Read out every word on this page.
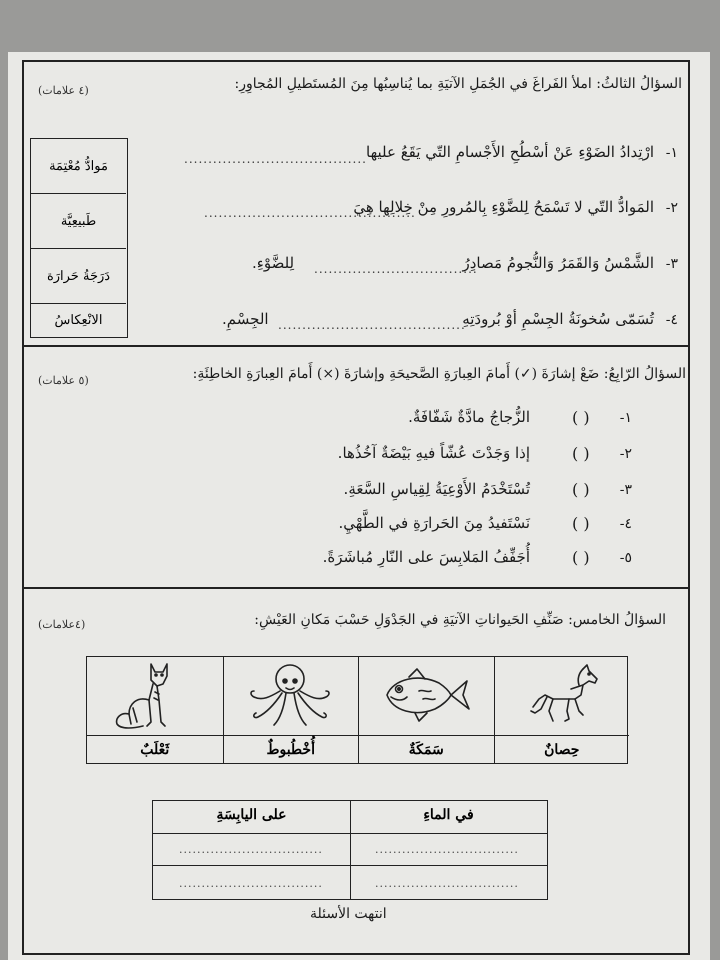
السؤالُ الثالثُ: املأ الفَراغَ في الجُمَلِ الآتيَةِ بما يُناسِبُها مِنَ المُستَطيلِ المُجاوِرِ:
(٤ علامات)
١-
ارْتِدادُ الضَوْءِ عَنْ أسْطُحِ الأَجْسامِ التّي يَقَعُ عليها
......................................
٢-
المَوادُّ التّي لا تَسْمَحُ لِلضَّوْءِ بِالمُرورِ مِنْ خِلالِها هِيَ
............................................
٣-
الشَّمْسُ وَالقَمَرُ وَالنُّجومُ مَصادِرُ
..................................
لِلضَّوْءِ.
٤-
تُسَمّى سُخونَةُ الجِسْمِ أوْ بُرودَتِهِ
.......................................
الجِسْمِ.
مَوادُّ مُعْتِمَة
طَبيعِيَّة
دَرَجَةُ حَرارَة
الانْعِكاسُ
السؤالُ الرّابِعُ: ضَعْ إشارَةَ (✓) أَمامَ العِبارَةِ الصَّحيحَةِ وإشارَةَ (×) أَمامَ العِبارَةِ الخاطِئَةِ:
(٥ علامات)
١-
( )
الزُّجاجُ مادَّةٌ شَفّافَةٌ.
٢-
( )
إذا وَجَدْتَ عُشّاً فيهِ بَيْضَةٌ آخُذُها.
٣-
( )
تُسْتَخْدَمُ الأَوْعِيَةُ لِقِياسِ السَّعَةِ.
٤-
( )
نَسْتَفيدُ مِنَ الحَرارَةِ في الطَّهْيِ.
٥-
( )
أُجَفِّفُ المَلابِسَ على النّارِ مُباشَرَةً.
السؤالُ الخامس: صَنِّفِ الحَيواناتِ الآتيَةِ في الجَدْوَلِ حَسْبَ مَكانِ العَيْشِ:
(٤علامات)
حِصانٌ
سَمَكَةٌ
أُخْطُبوطٌ
ثَعْلَبٌ
في الماءِ
على اليابِسَةِ
................................
................................
................................
................................
انتهت الأسئلة
